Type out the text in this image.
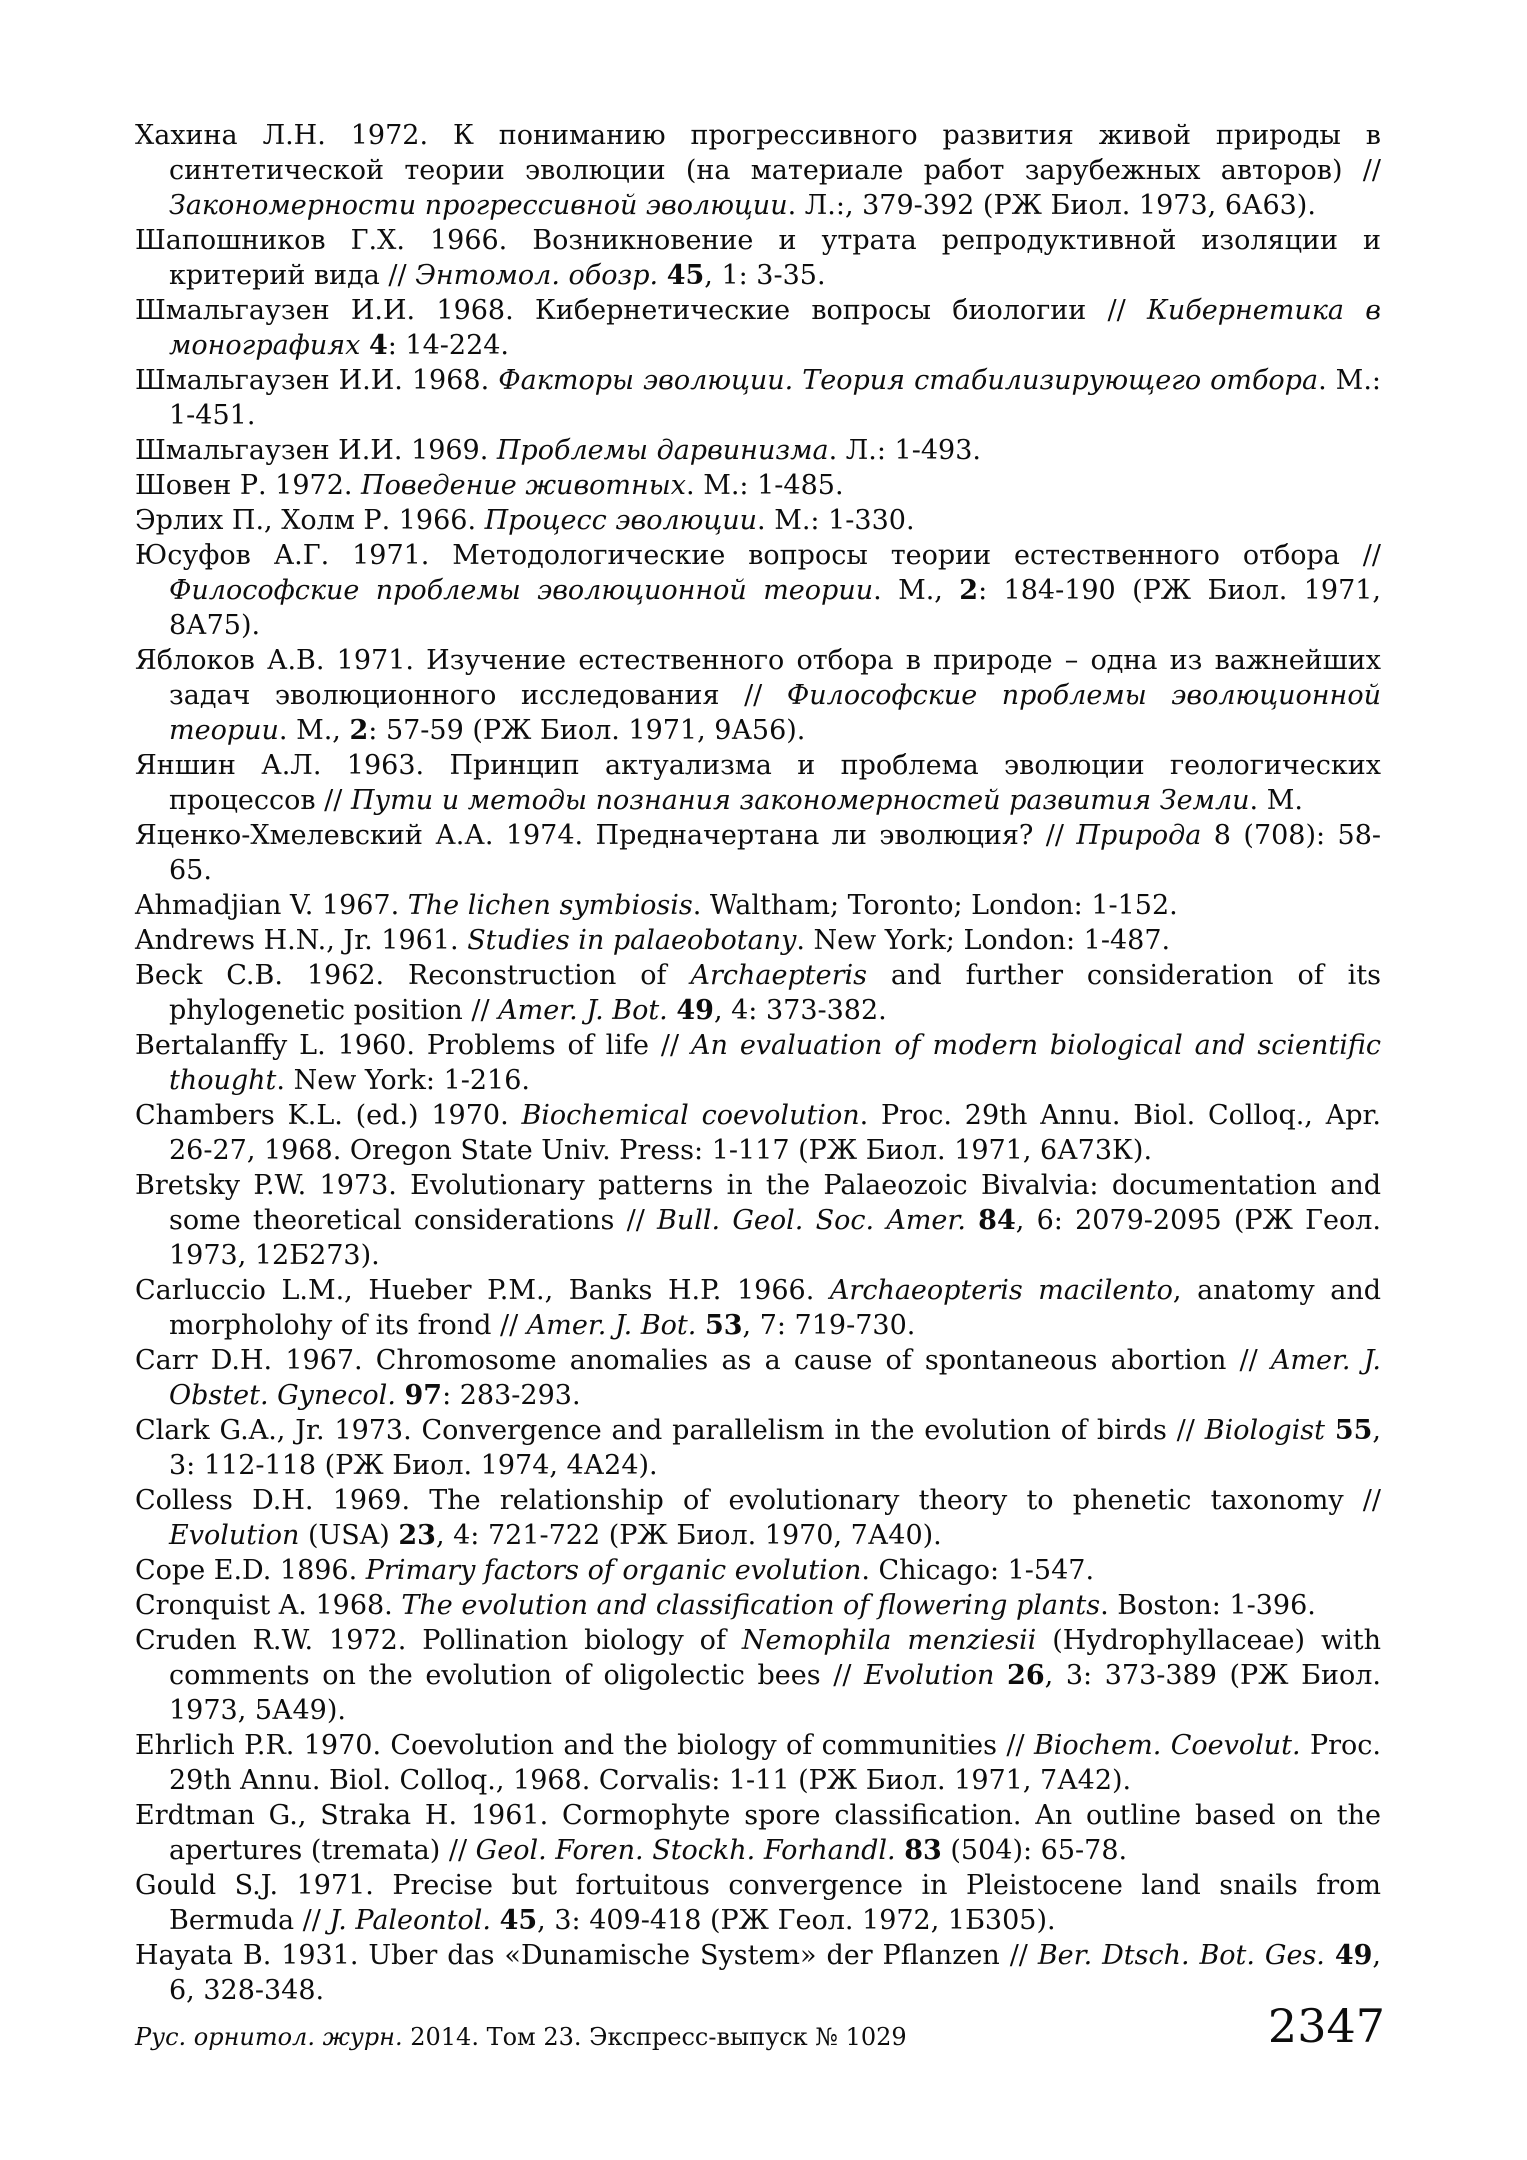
Хахина Л.Н. 1972. К пониманию прогрессивного развития живой природы в синтетической теории эволюции (на материале работ зарубежных авторов) // Закономерности прогрессивной эволюции. Л.:, 379-392 (РЖ Биол. 1973, 6А63).

Шапошников Г.Х. 1966. Возникновение и утрата репродуктивной изоляции и критерий вида // Энтомол. обозр. 45, 1: 3-35.

Шмальгаузен И.И. 1968. Кибернетические вопросы биологии // Кибернетика в монографиях 4: 14-224.

Шмальгаузен И.И. 1968. Факторы эволюции. Теория стабилизирующего отбора. М.: 1-451.

Шмальгаузен И.И. 1969. Проблемы дарвинизма. Л.: 1-493.

Шовен Р. 1972. Поведение животных. М.: 1-485.

Эрлих П., Холм Р. 1966. Процесс эволюции. М.: 1-330.

Юсуфов А.Г. 1971. Методологические вопросы теории естественного отбора // Философские проблемы эволюционной теории. М., 2: 184-190 (РЖ Биол. 1971, 8А75).

Яблоков А.В. 1971. Изучение естественного отбора в природе – одна из важнейших задач эволюционного исследования // Философские проблемы эволюционной теории. М., 2: 57-59 (РЖ Биол. 1971, 9А56).

Яншин А.Л. 1963. Принцип актуализма и проблема эволюции геологических процессов // Пути и методы познания закономерностей развития Земли. М.

Яценко-Хмелевский А.А. 1974. Предначертана ли эволюция? // Природа 8 (708): 58-65.

Ahmadjian V. 1967. The lichen symbiosis. Waltham; Toronto; London: 1-152.

Andrews H.N., Jr. 1961. Studies in palaeobotany. New York; London: 1-487.

Beck C.B. 1962. Reconstruction of Archaepteris and further consideration of its phylogenetic position // Amer. J. Bot. 49, 4: 373-382.

Bertalanffy L. 1960. Problems of life // An evaluation of modern biological and scientific thought. New York: 1-216.

Chambers K.L. (ed.) 1970. Biochemical coevolution. Proc. 29th Annu. Biol. Colloq., Apr. 26-27, 1968. Oregon State Univ. Press: 1-117 (РЖ Биол. 1971, 6А73К).

Bretsky P.W. 1973. Evolutionary patterns in the Palaeozoic Bivalvia: documentation and some theoretical considerations // Bull. Geol. Soc. Amer. 84, 6: 2079-2095 (РЖ Геол. 1973, 12Б273).

Carluccio L.M., Hueber P.M., Banks H.P. 1966. Archaeopteris macilento, anatomy and morpholohy of its frond // Amer. J. Bot. 53, 7: 719-730.

Carr D.H. 1967. Chromosome anomalies as a cause of spontaneous abortion // Amer. J. Obstet. Gynecol. 97: 283-293.

Clark G.A., Jr. 1973. Convergence and parallelism in the evolution of birds // Biologist 55, 3: 112-118 (РЖ Биол. 1974, 4А24).

Colless D.H. 1969. The relationship of evolutionary theory to phenetic taxonomy // Evolution (USA) 23, 4: 721-722 (РЖ Биол. 1970, 7А40).

Cope E.D. 1896. Primary factors of organic evolution. Chicago: 1-547.

Cronquist A. 1968. The evolution and classification of flowering plants. Boston: 1-396.

Cruden R.W. 1972. Pollination biology of Nemophila menziesii (Hydrophyllaceae) with comments on the evolution of oligolectic bees // Evolution 26, 3: 373-389 (РЖ Биол. 1973, 5А49).

Ehrlich P.R. 1970. Coevolution and the biology of communities // Biochem. Coevolut. Proc. 29th Annu. Biol. Colloq., 1968. Corvalis: 1-11 (РЖ Биол. 1971, 7А42).

Erdtman G., Straka H. 1961. Cormophyte spore classification. An outline based on the apertures (tremata) // Geol. Foren. Stockh. Forhandl. 83 (504): 65-78.

Gould S.J. 1971. Precise but fortuitous convergence in Pleistocene land snails from Bermuda // J. Paleontol. 45, 3: 409-418 (РЖ Геол. 1972, 1Б305).

Hayata B. 1931. Uber das «Dunamische System» der Pflanzen // Ber. Dtsch. Bot. Ges. 49, 6, 328-348.

Рус. орнитол. журн. 2014. Том 23. Экспресс-выпуск № 1029	2347
